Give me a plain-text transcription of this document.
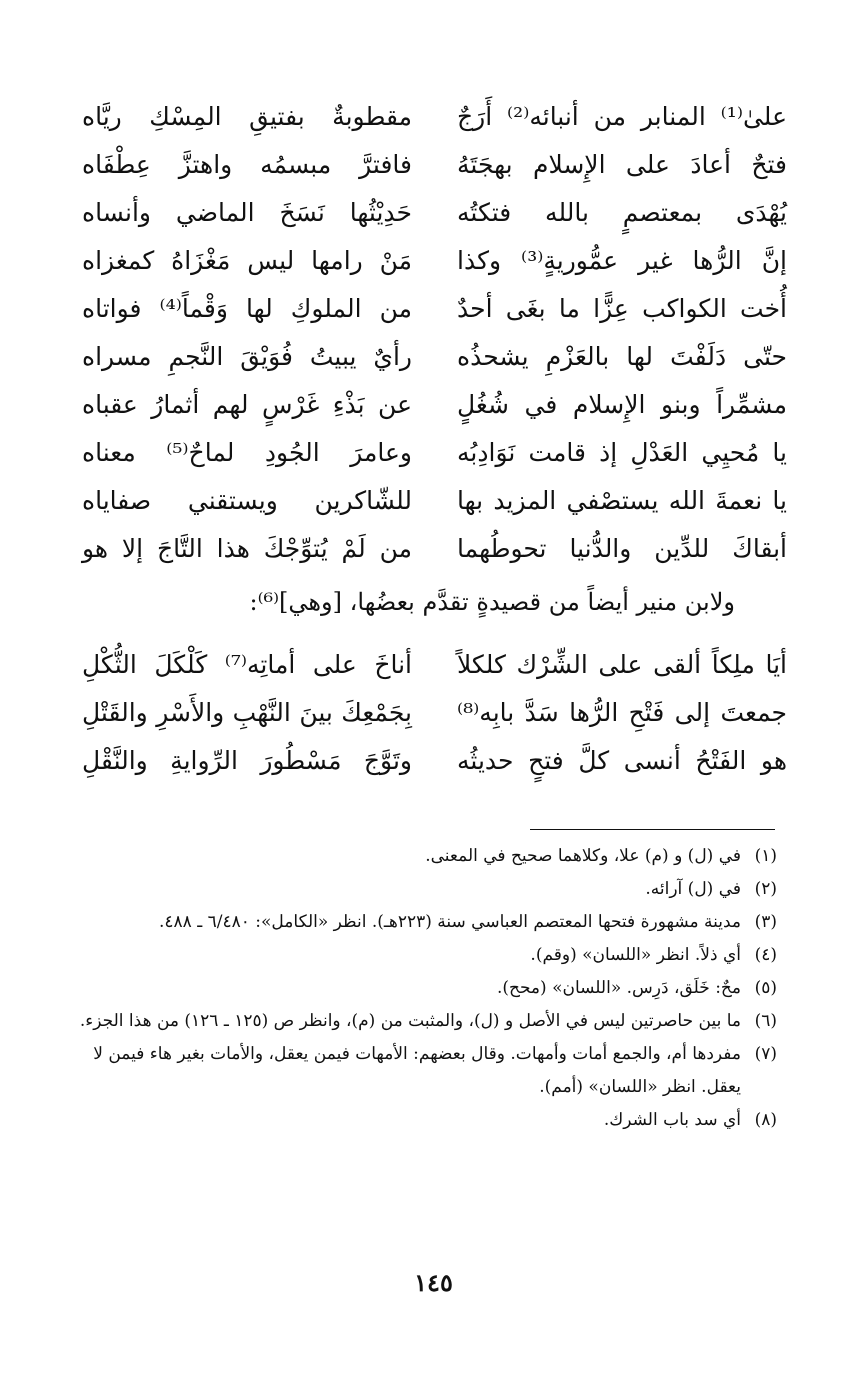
علىٰ⁽¹⁾ المنابر من أنبائه⁽²⁾ أَرَجٌ
مقطوبةٌ بفتيقِ المِسْكِ ريَّاه
فتحٌ أعادَ على الإِسلام بهجَتَهُ
فافترَّ مبسمُه واهتزَّ عِطْفَاه
يُهْدَى بمعتصمٍ بالله فتكتُه
حَدِيْثُها نَسَخَ الماضي وأنساه
إنَّ الرُّها غير عمُّوريةٍ⁽³⁾ وكذا
مَنْ رامها ليس مَغْزَاهُ كمغزاه
أُخت الكواكب عِزًّا ما بغَى أحدٌ
من الملوكِ لها وَقْماً⁽⁴⁾ فواتاه
حتّى دَلَفْتَ لها بالعَزْمِ يشحذُه
رأيٌ يبيتُ فُوَيْقَ النَّجمِ مسراه
مشمِّراً وبنو الإِسلام في شُغُلٍ
عن بَذْءِ غَرْسٍ لهم أثمارُ عقباه
يا مُحيِي العَدْلِ إذ قامت نَوَادِبُه
وعامرَ الجُودِ لماحٌ⁽⁵⁾ معناه
يا نعمةَ الله يستصْفي المزيد بها
للشّاكرين ويستقني صفاياه
أبقاكَ للدِّين والدُّنيا تحوطُهما
من لَمْ يُتوِّجْكَ هذا التَّاجَ إلا هو
ولابن منير أيضاً من قصيدةٍ تقدَّم بعضُها، [وهي]⁽⁶⁾:
أيَا ملِكاً ألقى على الشِّرْك كلكلاً
أناخَ على أماتِه⁽⁷⁾ كَلْكَلَ الثُّكْلِ
جمعتَ إلى فَتْحِ الرُّها سَدَّ بابِه⁽⁸⁾
بِجَمْعِكَ بينَ النَّهْبِ والأَسْرِ والقَتْلِ
هو الفَتْحُ أنسى كلَّ فتحٍ حديثُه
وتَوَّجَ مَسْطُورَ الرِّوايةِ والنَّقْلِ
(١)
في (ل) و (م) علا، وكلاهما صحيح في المعنى.
(٢)
في (ل) آرائه.
(٣)
مدينة مشهورة فتحها المعتصم العباسي سنة (٢٢٣هـ). انظر «الكامل»: ٦/٤٨٠ ـ ٤٨٨.
(٤)
أي ذلاً. انظر «اللسان» (وقم).
(٥)
محٌ: خَلَق، دَرِس. «اللسان» (محح).
(٦)
ما بين حاصرتين ليس في الأصل و (ل)، والمثبت من (م)، وانظر ص (١٢٥ ـ ١٢٦) من هذا الجزء.
(٧)
مفردها أم، والجمع أمات وأمهات. وقال بعضهم: الأمهات فيمن يعقل، والأمات بغير هاء فيمن لا يعقل. انظر «اللسان» (أمم).
(٨)
أي سد باب الشرك.
١٤٥
